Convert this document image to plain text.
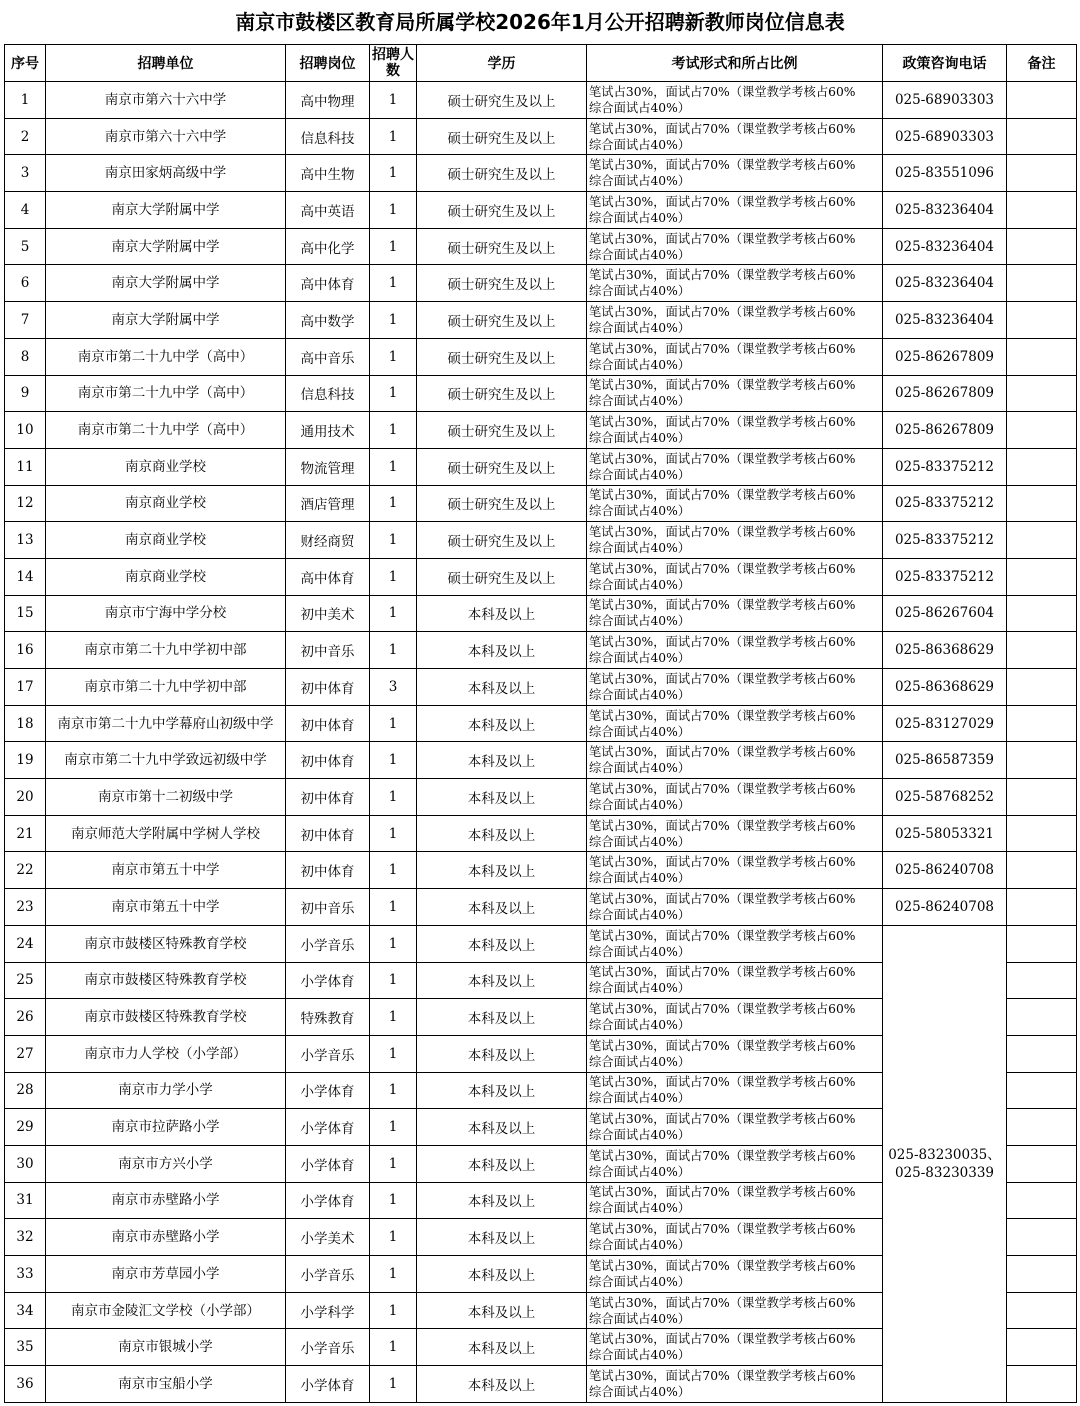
南京市鼓楼区教育局所属学校2026年1月公开招聘新教师岗位信息表
序号	招聘单位	招聘岗位	招聘人数	学历	考试形式和所占比例	政策咨询电话	备注
1	南京市第六十六中学	高中物理	1	硕士研究生及以上	笔试占30%，面试占70%（课堂教学考核占60%
综合面试占40%）	025-68903303	
2	南京市第六十六中学	信息科技	1	硕士研究生及以上	笔试占30%，面试占70%（课堂教学考核占60%
综合面试占40%）	025-68903303	
3	南京田家炳高级中学	高中生物	1	硕士研究生及以上	笔试占30%，面试占70%（课堂教学考核占60%
综合面试占40%）	025-83551096	
4	南京大学附属中学	高中英语	1	硕士研究生及以上	笔试占30%，面试占70%（课堂教学考核占60%
综合面试占40%）	025-83236404	
5	南京大学附属中学	高中化学	1	硕士研究生及以上	笔试占30%，面试占70%（课堂教学考核占60%
综合面试占40%）	025-83236404	
6	南京大学附属中学	高中体育	1	硕士研究生及以上	笔试占30%，面试占70%（课堂教学考核占60%
综合面试占40%）	025-83236404	
7	南京大学附属中学	高中数学	1	硕士研究生及以上	笔试占30%，面试占70%（课堂教学考核占60%
综合面试占40%）	025-83236404	
8	南京市第二十九中学（高中）	高中音乐	1	硕士研究生及以上	笔试占30%，面试占70%（课堂教学考核占60%
综合面试占40%）	025-86267809	
9	南京市第二十九中学（高中）	信息科技	1	硕士研究生及以上	笔试占30%，面试占70%（课堂教学考核占60%
综合面试占40%）	025-86267809	
10	南京市第二十九中学（高中）	通用技术	1	硕士研究生及以上	笔试占30%，面试占70%（课堂教学考核占60%
综合面试占40%）	025-86267809	
11	南京商业学校	物流管理	1	硕士研究生及以上	笔试占30%，面试占70%（课堂教学考核占60%
综合面试占40%）	025-83375212	
12	南京商业学校	酒店管理	1	硕士研究生及以上	笔试占30%，面试占70%（课堂教学考核占60%
综合面试占40%）	025-83375212	
13	南京商业学校	财经商贸	1	硕士研究生及以上	笔试占30%，面试占70%（课堂教学考核占60%
综合面试占40%）	025-83375212	
14	南京商业学校	高中体育	1	硕士研究生及以上	笔试占30%，面试占70%（课堂教学考核占60%
综合面试占40%）	025-83375212	
15	南京市宁海中学分校	初中美术	1	本科及以上	笔试占30%，面试占70%（课堂教学考核占60%
综合面试占40%）	025-86267604	
16	南京市第二十九中学初中部	初中音乐	1	本科及以上	笔试占30%，面试占70%（课堂教学考核占60%
综合面试占40%）	025-86368629	
17	南京市第二十九中学初中部	初中体育	3	本科及以上	笔试占30%，面试占70%（课堂教学考核占60%
综合面试占40%）	025-86368629	
18	南京市第二十九中学幕府山初级中学	初中体育	1	本科及以上	笔试占30%，面试占70%（课堂教学考核占60%
综合面试占40%）	025-83127029	
19	南京市第二十九中学致远初级中学	初中体育	1	本科及以上	笔试占30%，面试占70%（课堂教学考核占60%
综合面试占40%）	025-86587359	
20	南京市第十二初级中学	初中体育	1	本科及以上	笔试占30%，面试占70%（课堂教学考核占60%
综合面试占40%）	025-58768252	
21	南京师范大学附属中学树人学校	初中体育	1	本科及以上	笔试占30%，面试占70%（课堂教学考核占60%
综合面试占40%）	025-58053321	
22	南京市第五十中学	初中体育	1	本科及以上	笔试占30%，面试占70%（课堂教学考核占60%
综合面试占40%）	025-86240708	
23	南京市第五十中学	初中音乐	1	本科及以上	笔试占30%，面试占70%（课堂教学考核占60%
综合面试占40%）	025-86240708	
24	南京市鼓楼区特殊教育学校	小学音乐	1	本科及以上	笔试占30%，面试占70%（课堂教学考核占60%
综合面试占40%）	025-83230035、025-83230339	
25	南京市鼓楼区特殊教育学校	小学体育	1	本科及以上	笔试占30%，面试占70%（课堂教学考核占60%
综合面试占40%）		

26	南京市鼓楼区特殊教育学校	特殊教育	1	本科及以上	笔试占30%，面试占70%（课堂教学考核占60%
综合面试占40%）		

27	南京市力人学校（小学部）	小学音乐	1	本科及以上	笔试占30%，面试占70%（课堂教学考核占60%
综合面试占40%）		

28	南京市力学小学	小学体育	1	本科及以上	笔试占30%，面试占70%（课堂教学考核占60%
综合面试占40%）		

29	南京市拉萨路小学	小学体育	1	本科及以上	笔试占30%，面试占70%（课堂教学考核占60%
综合面试占40%）		

30	南京市方兴小学	小学体育	1	本科及以上	笔试占30%，面试占70%（课堂教学考核占60%
综合面试占40%）		

31	南京市赤壁路小学	小学体育	1	本科及以上	笔试占30%，面试占70%（课堂教学考核占60%
综合面试占40%）		

32	南京市赤壁路小学	小学美术	1	本科及以上	笔试占30%，面试占70%（课堂教学考核占60%
综合面试占40%）		

33	南京市芳草园小学	小学音乐	1	本科及以上	笔试占30%，面试占70%（课堂教学考核占60%
综合面试占40%）		

34	南京市金陵汇文学校（小学部）	小学科学	1	本科及以上	笔试占30%，面试占70%（课堂教学考核占60%
综合面试占40%）		

35	南京市银城小学	小学音乐	1	本科及以上	笔试占30%，面试占70%（课堂教学考核占60%
综合面试占40%）		

36	南京市宝船小学	小学体育	1	本科及以上	笔试占30%，面试占70%（课堂教学考核占60%
综合面试占40%）		
